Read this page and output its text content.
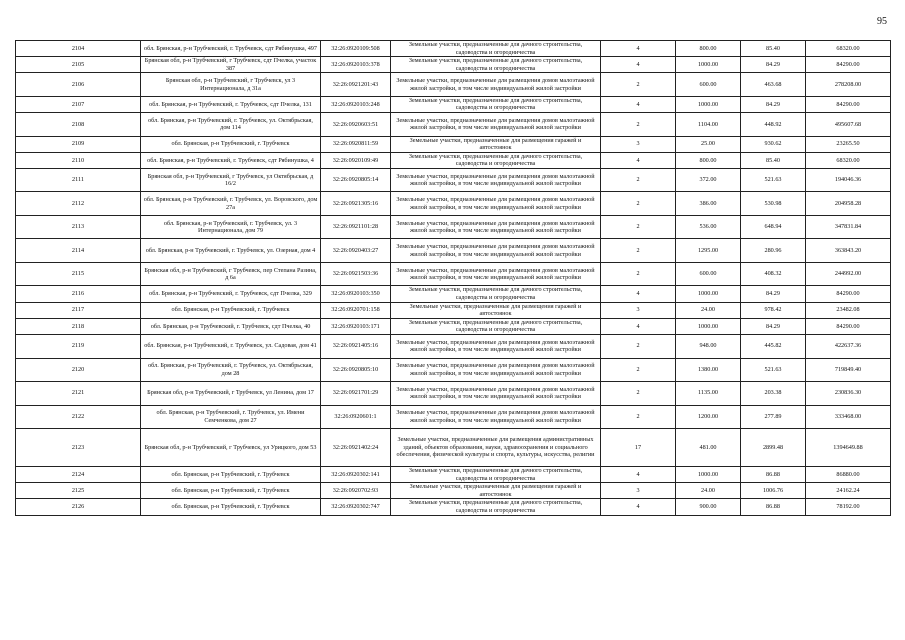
95
2104	обл. Брянская, р-н Трубчевский, г. Трубчевск, сдт Рябинушка, 497	32:26:0920109:508	Земельные участки, предназначенные для дачного строительства, садоводства и огородничества	4	800.00	85.40	68320.00
2105	Брянская обл, р-н Трубчевский, г Трубчевск, сдт Пчелка, участок 387	32:26:0920103:378	Земельные участки, предназначенные для дачного строительства, садоводства и огородничества	4	1000.00	84.29	84290.00
2106	Брянская обл, р-н Трубчевский, г Трубчевск, ул 3 Интернационала, д 31а	32:26:0921201:43	Земельные участки, предназначенные для размещения домов малоэтажной жилой застройки, в том числе индивидуальной жилой застройки	2	600.00	463.68	278208.00
2107	обл. Брянская, р-н Трубчевский, г. Трубчевск, сдт Пчелка, 131	32:26:0920103:248	Земельные участки, предназначенные для дачного строительства, садоводства и огородничества	4	1000.00	84.29	84290.00
2108	обл. Брянская, р-н Трубчевский, г. Трубчевск, ул. Октябрьская, дом 114	32:26:0920603:51	Земельные участки, предназначенные для размещения домов малоэтажной жилой застройки, в том числе индивидуальной жилой застройки	2	1104.00	448.92	495607.68
2109	обл. Брянская, р-н Трубчевский, г. Трубчевск	32:26:0920811:59	Земельные участки, предназначенные для размещения гаражей и автостоянок	3	25.00	930.62	23265.50
2110	обл. Брянская, р-н Трубчевский, г. Трубчевск, сдт Рябинушка, 4	32:26:0920109:49	Земельные участки, предназначенные для дачного строительства, садоводства и огородничества	4	800.00	85.40	68320.00
2111	Брянская обл, р-н Трубчевский, г Трубчевск, ул Октябрьская, д 16/2	32:26:0920805:14	Земельные участки, предназначенные для размещения домов малоэтажной жилой застройки, в том числе индивидуальной жилой застройки	2	372.00	521.63	194046.36
2112	обл. Брянская, р-н Трубчевский, г. Трубчевск, ул. Воровского, дом 27а	32:26:0921305:16	Земельные участки, предназначенные для размещения домов малоэтажной жилой застройки, в том числе индивидуальной жилой застройки	2	386.00	530.98	204958.28
2113	обл. Брянская, р-н Трубчевский, г. Трубчевск, ул. 3 Интернационала, дом 79	32:26:0921101:28	Земельные участки, предназначенные для размещения домов малоэтажной жилой застройки, в том числе индивидуальной жилой застройки	2	536.00	648.94	347831.84
2114	обл. Брянская, р-н Трубчевский, г. Трубчевск, ул. Озерная, дом 4	32:26:0920403:27	Земельные участки, предназначенные для размещения домов малоэтажной жилой застройки, в том числе индивидуальной жилой застройки	2	1295.00	280.96	363843.20
2115	Брянская обл, р-н Трубчевский, г Трубчевск, пер Степана Разина, д 6а	32:26:0921503:36	Земельные участки, предназначенные для размещения домов малоэтажной жилой застройки, в том числе индивидуальной жилой застройки	2	600.00	408.32	244992.00
2116	обл. Брянская, р-н Трубчевский, г. Трубчевск, сдт Пчелка, 329	32:26:0920103:350	Земельные участки, предназначенные для дачного строительства, садоводства и огородничества	4	1000.00	84.29	84290.00
2117	обл. Брянская, р-н Трубчевский, г. Трубчевск	32:26:0920701:158	Земельные участки, предназначенные для размещения гаражей и автостоянок	3	24.00	978.42	23482.08
2118	обл. Брянская, р-н Трубчевский, г. Трубчевск, сдт Пчелка, 40	32:26:0920103:171	Земельные участки, предназначенные для дачного строительства, садоводства и огородничества	4	1000.00	84.29	84290.00
2119	обл. Брянская, р-н Трубчевский, г. Трубчевск, ул. Садовая, дом 41	32:26:0921405:16	Земельные участки, предназначенные для размещения домов малоэтажной жилой застройки, в том числе индивидуальной жилой застройки	2	948.00	445.82	422637.36
2120	обл. Брянская, р-н Трубчевский, г. Трубчевск, ул. Октябрьская, дом 28	32:26:0920805:10	Земельные участки, предназначенные для размещения домов малоэтажной жилой застройки, в том числе индивидуальной жилой застройки	2	1380.00	521.63	719849.40
2121	Брянская обл, р-н Трубчевский, г Трубчевск, ул Ленина, дом 17	32:26:0921701:29	Земельные участки, предназначенные для размещения домов малоэтажной жилой застройки, в том числе индивидуальной жилой застройки	2	1135.00	203.38	230836.30
2122	обл. Брянская, р-н Трубчевский, г. Трубчевск, ул. Имени Семченкова, дом 27	32:26:0920601:1	Земельные участки, предназначенные для размещения домов малоэтажной жилой застройки, в том числе индивидуальной жилой застройки	2	1200.00	277.89	333468.00
2123	Брянская обл, р-н Трубчевский, г Трубчевск, ул Урицкого, дом 53	32:26:0921402:24	Земельные участки, предназначенные для размещения административных зданий, объектов образования, науки, здравоохранения и социального обеспечения, физической культуры и спорта, культуры, искусства, религии	17	481.00	2899.48	1394649.88
2124	обл. Брянская, р-н Трубчевский, г. Трубчевск	32:26:0920302:141	Земельные участки, предназначенные для дачного строительства, садоводства и огородничества	4	1000.00	86.88	86880.00
2125	обл. Брянская, р-н Трубчевский, г. Трубчевск	32:26:0920702:93	Земельные участки, предназначенные для размещения гаражей и автостоянок	3	24.00	1006.76	24162.24
2126	обл. Брянская, р-н Трубчевский, г. Трубчевск	32:26:0920302:747	Земельные участки, предназначенные для дачного строительства, садоводства и огородничества	4	900.00	86.88	78192.00
